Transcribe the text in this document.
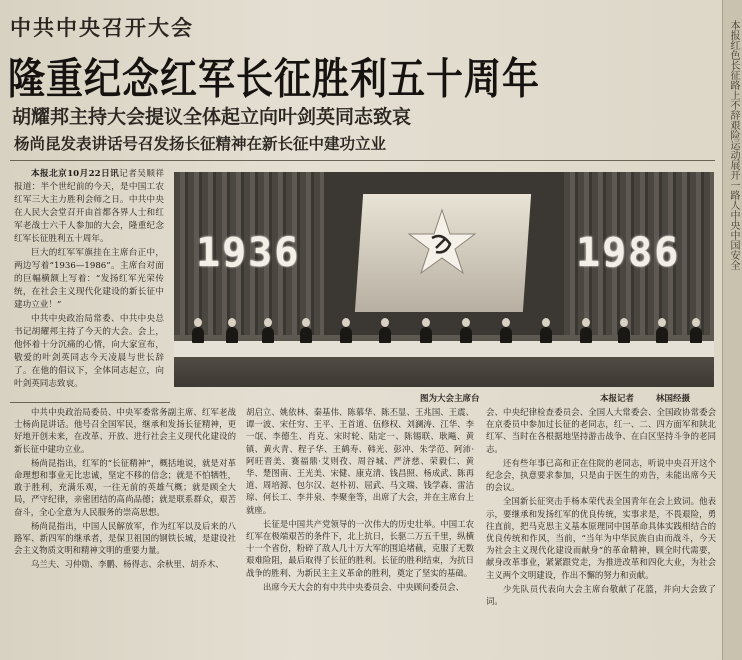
本报红色长征路上不辞艰险运动展开一路人中央中国安全
中共中央召开大会
隆重纪念红军长征胜利五十周年
胡耀邦主持大会提议全体起立向叶剑英同志致哀
杨尚昆发表讲话号召发扬长征精神在新长征中建功立业

本报北京10月22日讯记者吴顺祥报道：半个世纪前的今天，是中国工农红军三大主力胜利会师之日。中共中央在人民大会堂召开由首都各界人士和红军老战士六千人参加的大会，隆重纪念红军长征胜利五十周年。

巨大的红军军旗挂在主席台正中，两边写着“1936—1986”。主席台对面的巨幅横额上写着：“发扬红军光荣传统，在社会主义现代化建设的新长征中建功立业！”

中共中央政治局常委、中共中央总书记胡耀邦主持了今天的大会。会上，他怀着十分沉痛的心情，向大家宣布，敬爱的叶剑英同志今天凌晨与世长辞了。在他的倡议下，全体同志起立，向叶剑英同志致哀。

1936	1986
图为大会主席台	本报记者	林国经摄

中共中央政治局委员、中央军委常务副主席、红军老战士杨尚昆讲话。他号召全国军民，继承和发扬长征精神，更好地开创未来，在改革、开放、进行社会主义现代化建设的新长征中建功立业。

杨尚昆指出，红军的“长征精神”，概括地说，就是对革命理想和事业无比忠诚，坚定不移的信念；就是不怕牺牲，敢于胜利，充满乐观，一往无前的英雄气概；就是顾全大局，严守纪律，亲密团结的高尚品德；就是联系群众，艰苦奋斗，全心全意为人民服务的崇高思想。

杨尚昆指出，中国人民解放军，作为红军以及后来的八路军、新四军的继承者，是保卫祖国的钢铁长城，是建设社会主义物质文明和精神文明的重要力量。

乌兰夫、习仲勋、李鹏、杨得志、余秋里、胡乔木、

胡启立、姚依林、秦基伟、陈慕华、陈丕显、王兆国、王震、谭一波、宋任穷、王平、王首道、伍修权、刘澜涛、江华、李一氓、李德生、肖克、宋时轮、陆定一、陈锡联、耿飚、黄镇、黄火青、程子华、王鹤寿、韩光、彭冲、朱学范、阿沛·阿旺晋美、赛福鼎·艾则孜、周谷城、严济慈、荣毅仁、黄华、楚图南、王光美、宋健、康克清、钱昌照、杨成武、陈再道、周培源、包尔汉、赵朴初、屈武、马文瑞、钱学森、雷洁琼、何长工、李井泉、李聚奎等，出席了大会，并在主席台上就座。

长征是中国共产党领导的一次伟大的历史壮举。中国工农红军在极端艰苦的条件下，北上抗日，长驱二万五千里，纵横十一个省份，粉碎了敌人几十万大军的围追堵截，克服了无数艰难险阻，最后取得了长征的胜利。长征的胜利结束，为抗日战争的胜利、为新民主主义革命的胜利，奠定了坚实的基础。

出席今天大会的有中共中央委员会、中央顾问委员会、

会、中央纪律检查委员会、全国人大常委会、全国政协常委会在京委员中参加过长征的老同志，红一、二、四方面军和陕北红军、当时在各根据地坚持游击战争、在白区坚持斗争的老同志。

还有些年事已高和正在住院的老同志，听说中央召开这个纪念会，执意要求参加，只是由于医生的劝告，未能出席今天的会议。

全国新长征突击手杨本荣代表全国青年在会上致词。他表示，要继承和发扬红军的优良传统，实事求是，不畏艰险，勇往直前，把马克思主义基本原理同中国革命具体实践相结合的优良传统和作风，当前，“当年为中华民族自由而战斗，今天为社会主义现代化建设而献身”的革命精神，顾全时代需要，献身改革事业，紧紧跟党走，为推进改革和四化大业，为社会主义两个文明建设，作出不懈的努力和贡献。

少先队员代表向大会主席台敬献了花篮，并向大会致了词。
